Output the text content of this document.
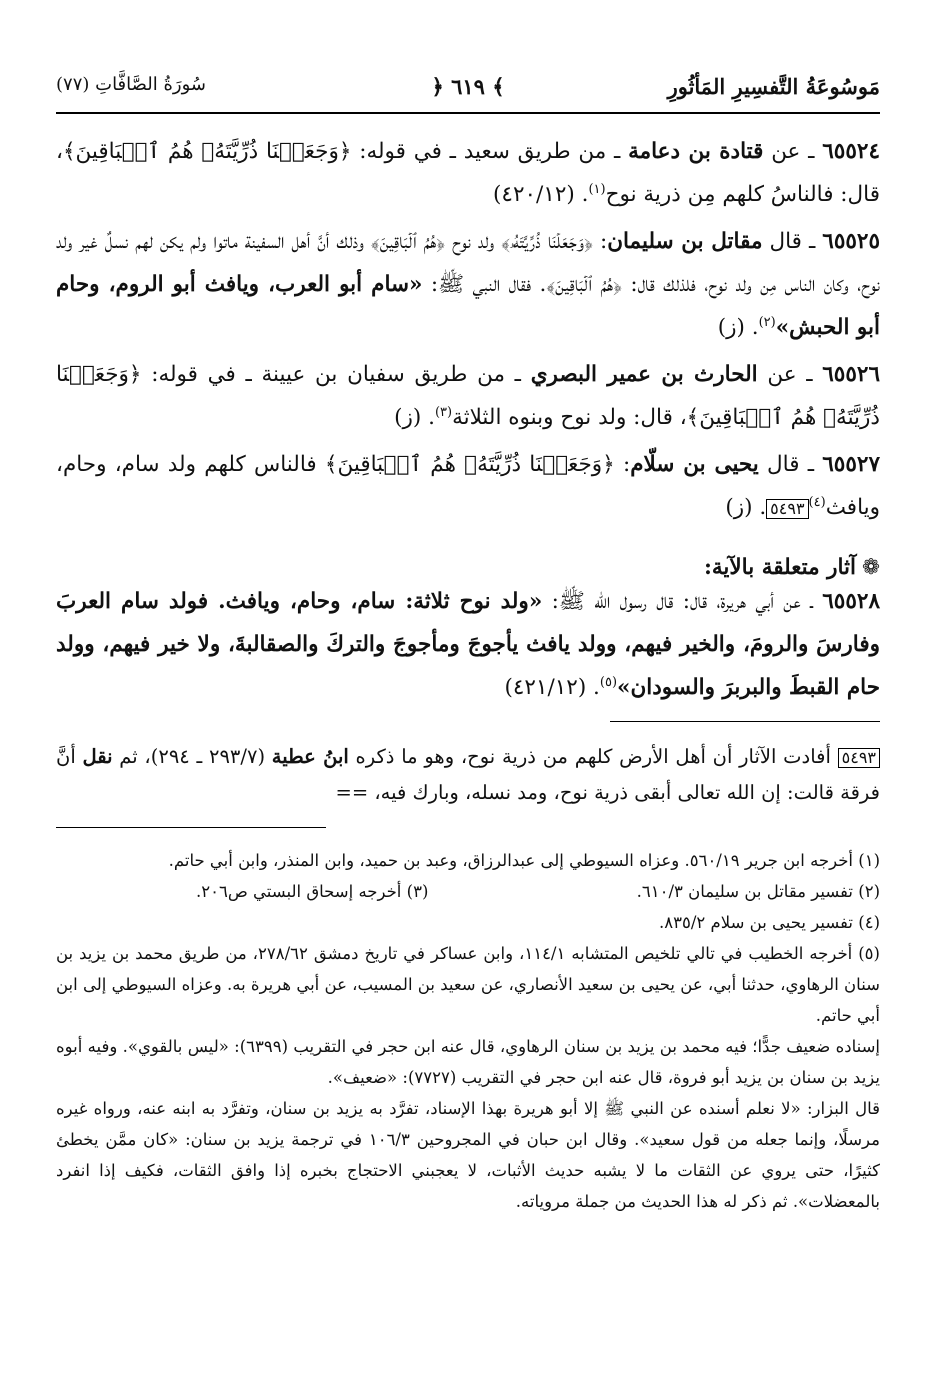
مَوسُوعَةُ التَّفسِيرِ المَأثُورِ
﴾ ٦١٩ ﴿
سُورَةُ الصَّافَّاتِ (٧٧)

٦٥٥٢٤ ـ عن قتادة بن دعامة ـ من طريق سعيد ـ في قوله: ﴿وَجَعَلۡنَا ذُرِّيَّتَهُۥ هُمُ ٱلۡبَاقِينَ﴾، قال: فالناسُ كلهم مِن ذرية نوح$^{(١)}$. (٤٢٠/١٢)

٦٥٥٢٥ ـ قال مقاتل بن سليمان: ﴿وَجَعَلۡنَا ذُرِّيَّتَهُۥ﴾ ولد نوح ﴿هُمُ ٱلۡبَاقِينَ﴾ وذلك أنَّ أهل السفينة ماتوا ولم يكن لهم نسلٌ غير ولد نوح، وكان الناس مِن ولد نوح، فلذلك قال: ﴿هُمُ ٱلۡبَاقِينَ﴾. فقال النبي ﷺ: «سام أبو العرب، ويافث أبو الروم، وحام أبو الحبش»$^{(٢)}$. (ز)

٦٥٥٢٦ ـ عن الحارث بن عمير البصري ـ من طريق سفيان بن عيينة ـ في قوله: ﴿وَجَعَلۡنَا ذُرِّيَّتَهُۥ هُمُ ٱلۡبَاقِينَ﴾، قال: ولد نوح وبنوه الثلاثة$^{(٣)}$. (ز)

٦٥٥٢٧ ـ قال يحيى بن سلّام: ﴿وَجَعَلۡنَا ذُرِّيَّتَهُۥ هُمُ ٱلۡبَاقِينَ﴾ فالناس كلهم ولد سام، وحام، ويافث$^{(٤)}$٥٤٩٣. (ز)

❁آثار متعلقة بالآية:

٦٥٥٢٨ ـ عن أبي هريرة، قال: قال رسول الله ﷺ: «ولد نوح ثلاثة: سام، وحام، ويافث. فولد سام العربَ وفارسَ والرومَ، والخير فيهم، وولد يافث يأجوجَ ومأجوجَ والتركَ والصقالبةَ، ولا خير فيهم، وولد حام القبطَ والبربرَ والسودان»$^{(٥)}$. (٤٢١/١٢)

٥٤٩٣ أفادت الآثار أن أهل الأرض كلهم من ذرية نوح، وهو ما ذكره ابنُ عطية (٢٩٣/٧ ـ ٢٩٤)، ثم نقل أنَّ فرقة قالت: إن الله تعالى أبقى ذرية نوح، ومد نسله، وبارك فيه، ==

(١) أخرجه ابن جرير ٥٦٠/١٩. وعزاه السيوطي إلى عبدالرزاق، وعبد بن حميد، وابن المنذر، وابن أبي حاتم.

(٢) تفسير مقاتل بن سليمان ٦١٠/٣.
(٣) أخرجه إسحاق البستي ص٢٠٦.

(٤) تفسير يحيى بن سلام ٨٣٥/٢.

(٥) أخرجه الخطيب في تالي تلخيص المتشابه ١١٤/١، وابن عساكر في تاريخ دمشق ٢٧٨/٦٢، من طريق محمد بن يزيد بن سنان الرهاوي، حدثنا أبي، عن يحيى بن سعيد الأنصاري، عن سعيد بن المسيب، عن أبي هريرة به. وعزاه السيوطي إلى ابن أبي حاتم.

إسناده ضعيف جدًّا؛ فيه محمد بن يزيد بن سنان الرهاوي، قال عنه ابن حجر في التقريب (٦٣٩٩): «ليس بالقوي». وفيه أبوه يزيد بن سنان بن يزيد أبو فروة، قال عنه ابن حجر في التقريب (٧٧٢٧): «ضعيف».

قال البزار: «لا نعلم أسنده عن النبي ﷺ إلا أبو هريرة بهذا الإسناد، تفرَّد به يزيد بن سنان، وتفرَّد به ابنه عنه، ورواه غيره مرسلًا، وإنما جعله من قول سعيد». وقال ابن حبان في المجروحين ١٠٦/٣ في ترجمة يزيد بن سنان: «كان ممَّن يخطئ كثيرًا، حتى يروي عن الثقات ما لا يشبه حديث الأثبات، لا يعجبني الاحتجاج بخبره إذا وافق الثقات، فكيف إذا انفرد بالمعضلات». ثم ذكر له هذا الحديث من جملة مروياته.
